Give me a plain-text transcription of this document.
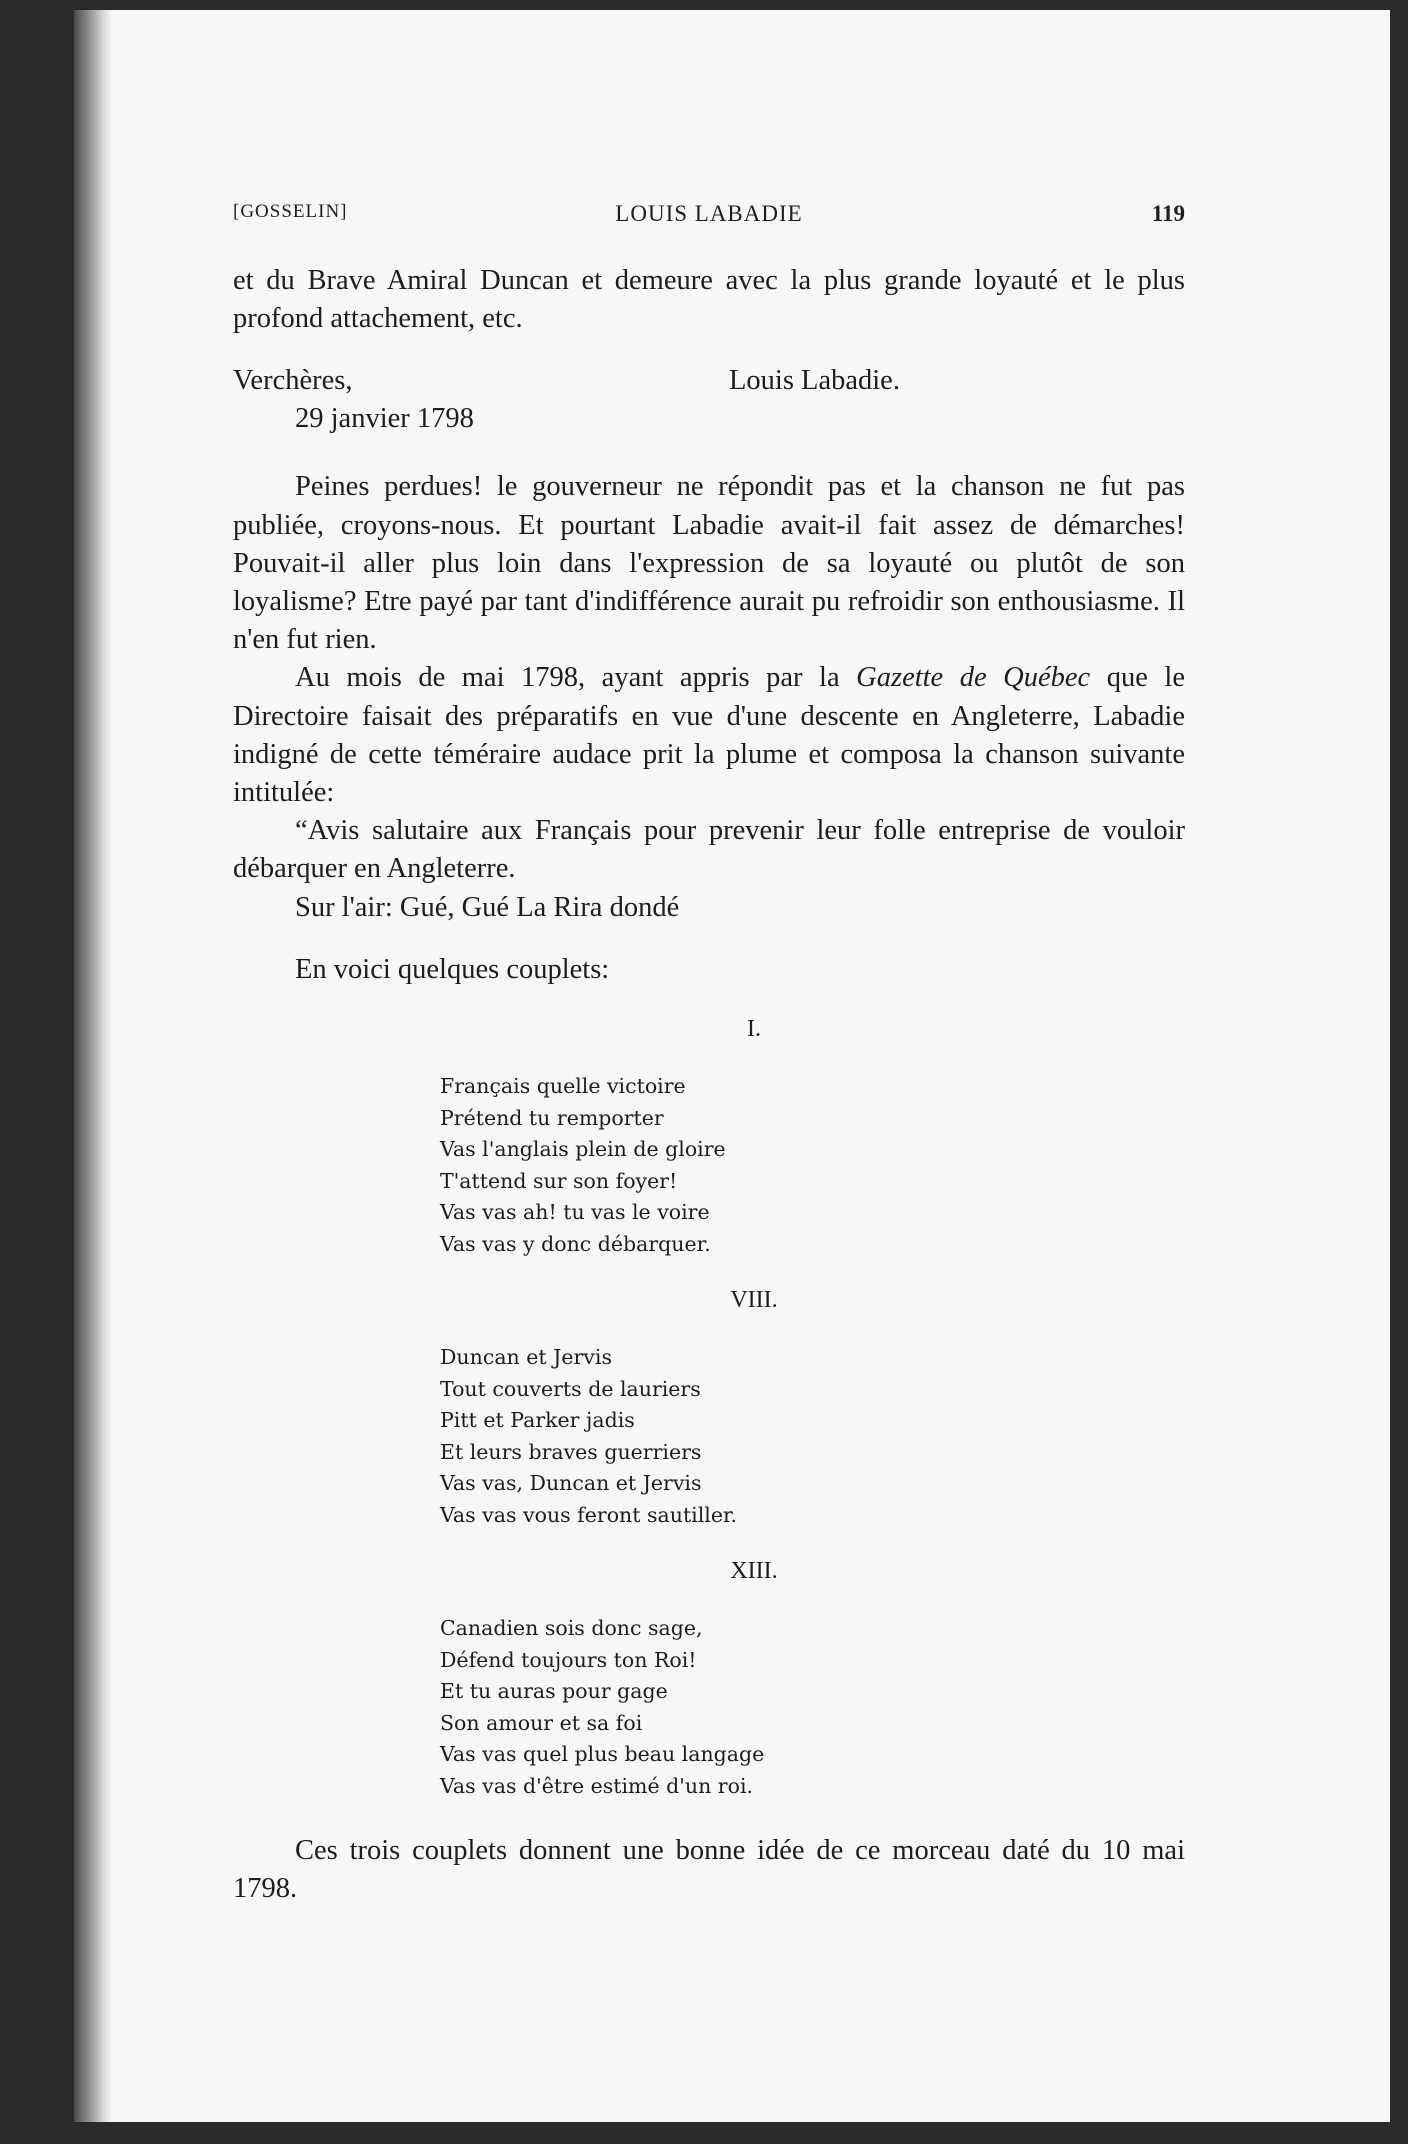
[GOSSELIN]	LOUIS LABADIE	119

et du Brave Amiral Duncan et demeure avec la plus grande loyauté et le plus profond attachement, etc.

Verchères,	Louis Labadie.
29 janvier 1798

Peines perdues! le gouverneur ne répondit pas et la chanson ne fut pas publiée, croyons-nous. Et pourtant Labadie avait-il fait assez de démarches! Pouvait-il aller plus loin dans l'expression de sa loyauté ou plutôt de son loyalisme? Etre payé par tant d'indifférence aurait pu refroidir son enthousiasme. Il n'en fut rien.

Au mois de mai 1798, ayant appris par la Gazette de Québec que le Directoire faisait des préparatifs en vue d'une descente en Angleterre, Labadie indigné de cette téméraire audace prit la plume et composa la chanson suivante intitulée:

“Avis salutaire aux Français pour prevenir leur folle entreprise de vouloir débarquer en Angleterre.

Sur l'air: Gué, Gué La Rira dondé

En voici quelques couplets:

I.
Français quelle victoire
Prétend tu remporter
Vas l'anglais plein de gloire
T'attend sur son foyer!
Vas vas ah! tu vas le voire
Vas vas y donc débarquer.
VIII.
Duncan et Jervis
Tout couverts de lauriers
Pitt et Parker jadis
Et leurs braves guerriers
Vas vas, Duncan et Jervis
Vas vas vous feront sautiller.
XIII.
Canadien sois donc sage,
Défend toujours ton Roi!
Et tu auras pour gage
Son amour et sa foi
Vas vas quel plus beau langage
Vas vas d'être estimé d'un roi.

Ces trois couplets donnent une bonne idée de ce morceau daté du 10 mai 1798.
